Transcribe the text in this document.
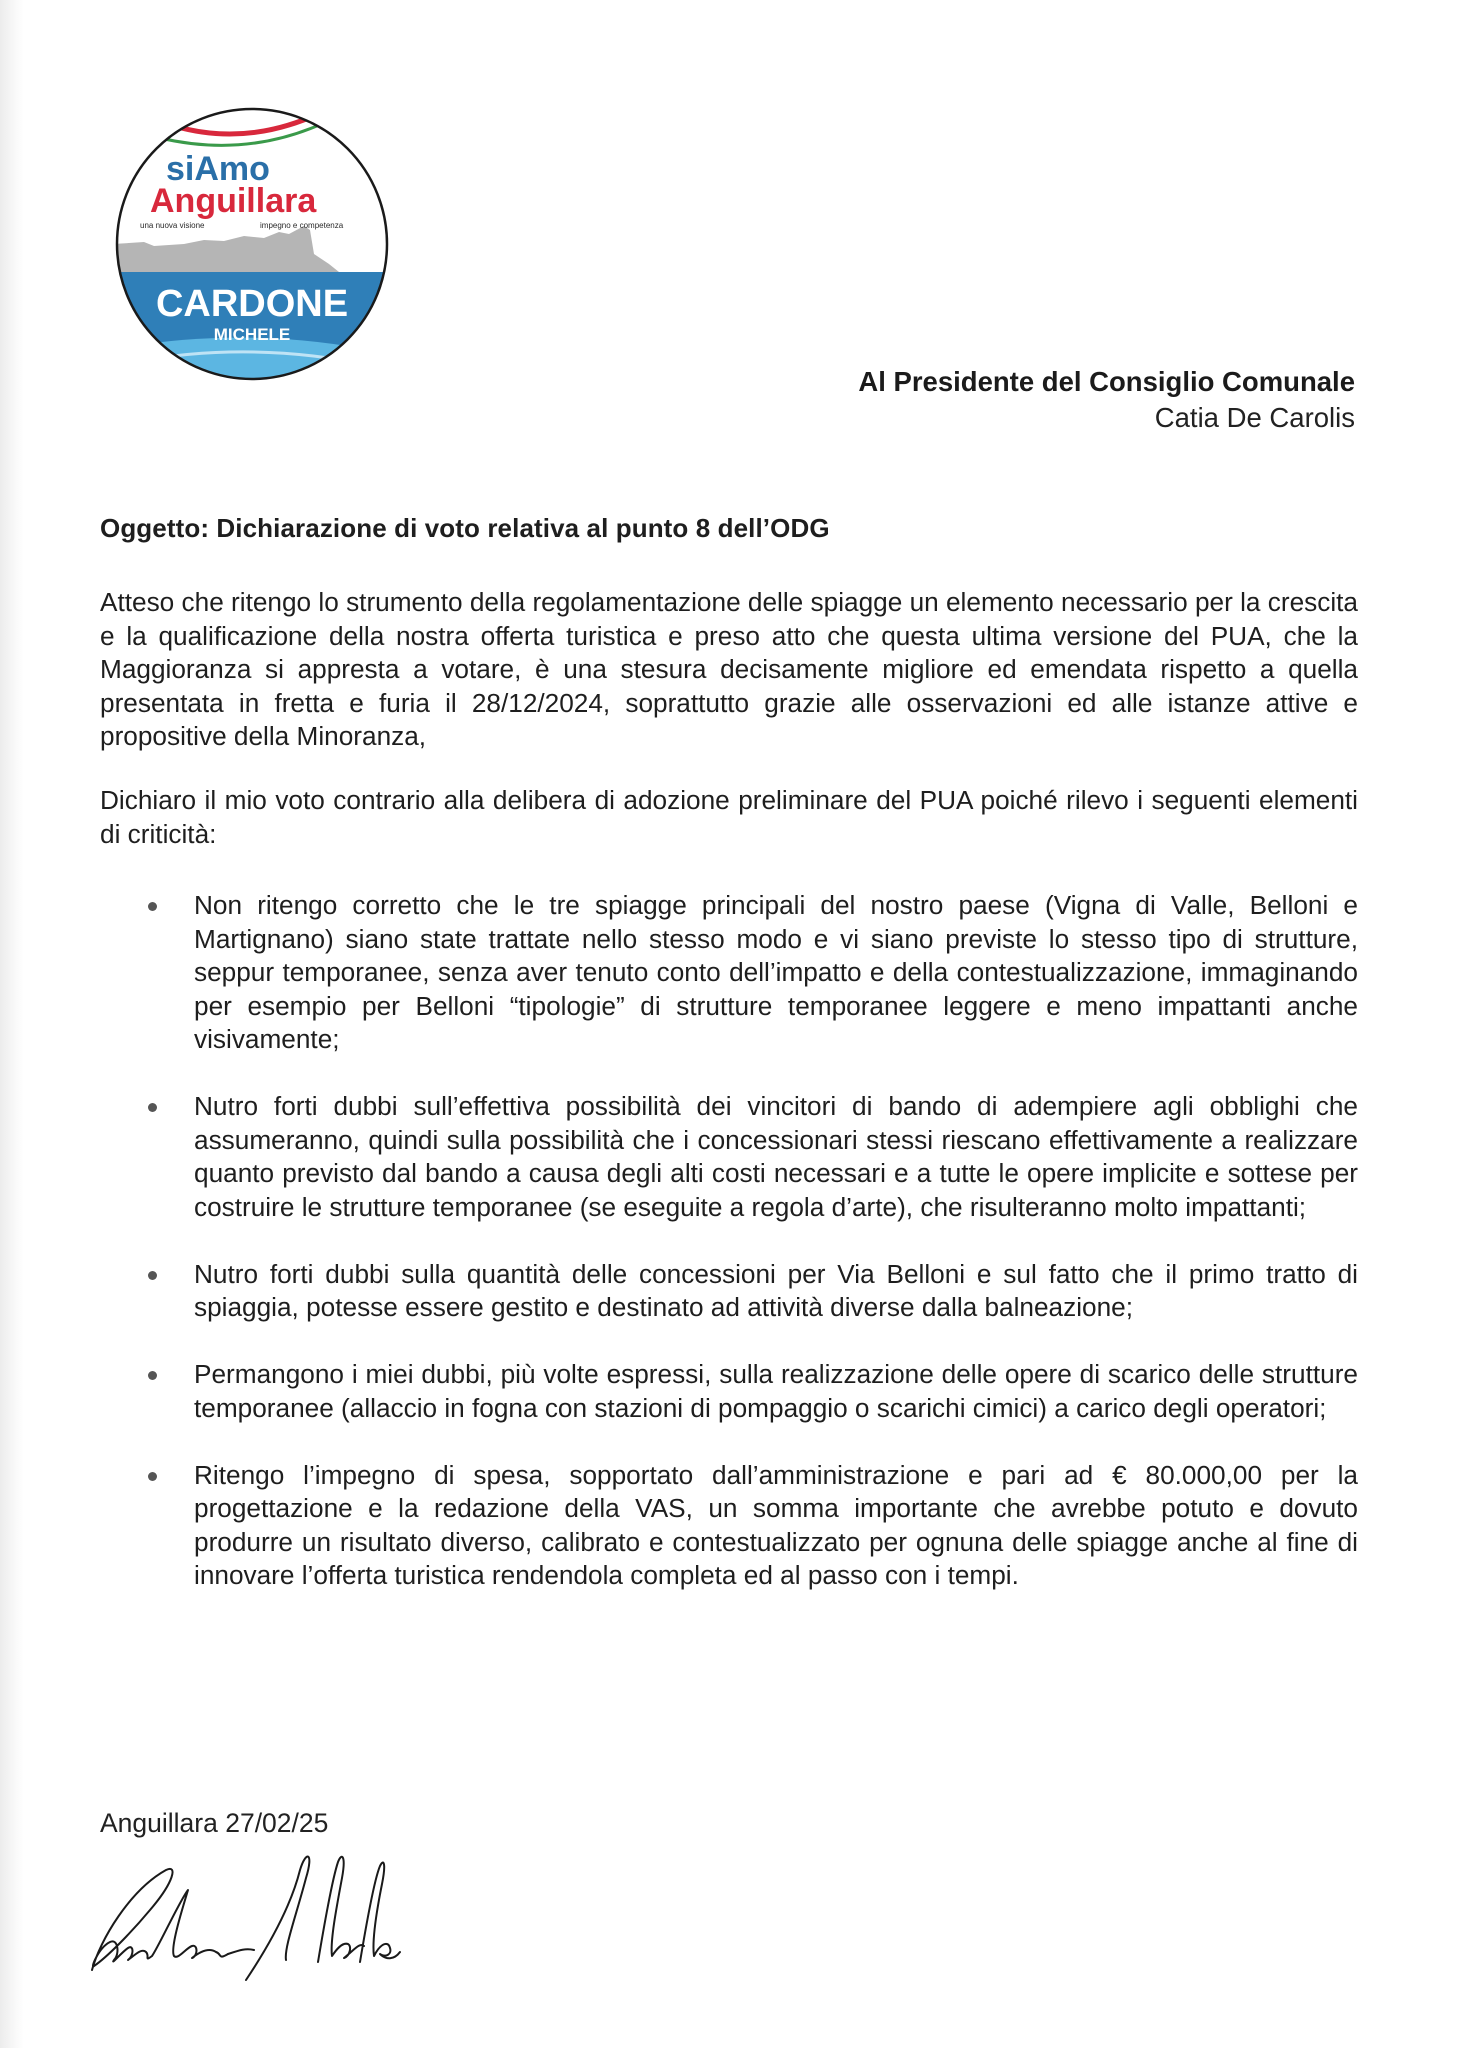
siAmo
Anguillara
una nuova visione	impegno e competenza
CARDONE
MICHELE
Al Presidente del Consiglio Comunale
Catia De Carolis
Oggetto: Dichiarazione di voto relativa al punto 8 dell’ODG
Atteso che ritengo lo strumento della regolamentazione delle spiagge un elemento necessario per la crescita e la qualificazione della nostra offerta turistica e preso atto che questa ultima versione del PUA, che la Maggioranza si appresta a votare, è una stesura decisamente migliore ed emendata rispetto a quella presentata in fretta e furia il 28/12/2024, soprattutto grazie alle osservazioni ed alle istanze attive e propositive della Minoranza,
Dichiaro il mio voto contrario alla delibera di adozione preliminare del PUA poiché rilevo i seguenti elementi di criticità:
Non ritengo corretto che le tre spiagge principali del nostro paese (Vigna di Valle, Belloni e Martignano) siano state trattate nello stesso modo e vi siano previste lo stesso tipo di strutture, seppur temporanee, senza aver tenuto conto dell’impatto e della contestualizzazione, immaginando per esempio per Belloni “tipologie” di strutture temporanee leggere e meno impattanti anche visivamente;
Nutro forti dubbi sull’effettiva possibilità dei vincitori di bando di adempiere agli obblighi che assumeranno, quindi sulla possibilità che i concessionari stessi riescano effettivamente a realizzare quanto previsto dal bando a causa degli alti costi necessari e a tutte le opere implicite e sottese per costruire le strutture temporanee (se eseguite a regola d’arte), che risulteranno molto impattanti;
Nutro forti dubbi sulla quantità delle concessioni per Via Belloni e sul fatto che il primo tratto di spiaggia, potesse essere gestito e destinato ad attività diverse dalla balneazione;
Permangono i miei dubbi, più volte espressi, sulla realizzazione delle opere di scarico delle strutture temporanee (allaccio in fogna con stazioni di pompaggio o scarichi cimici) a carico degli operatori;
Ritengo l’impegno di spesa, sopportato dall’amministrazione e pari ad € 80.000,00 per la progettazione e la redazione della VAS, un somma importante che avrebbe potuto e dovuto produrre un risultato diverso, calibrato e contestualizzato per ognuna delle spiagge anche al fine di innovare l’offerta turistica rendendola completa ed al passo con i tempi.
Anguillara 27/02/25
